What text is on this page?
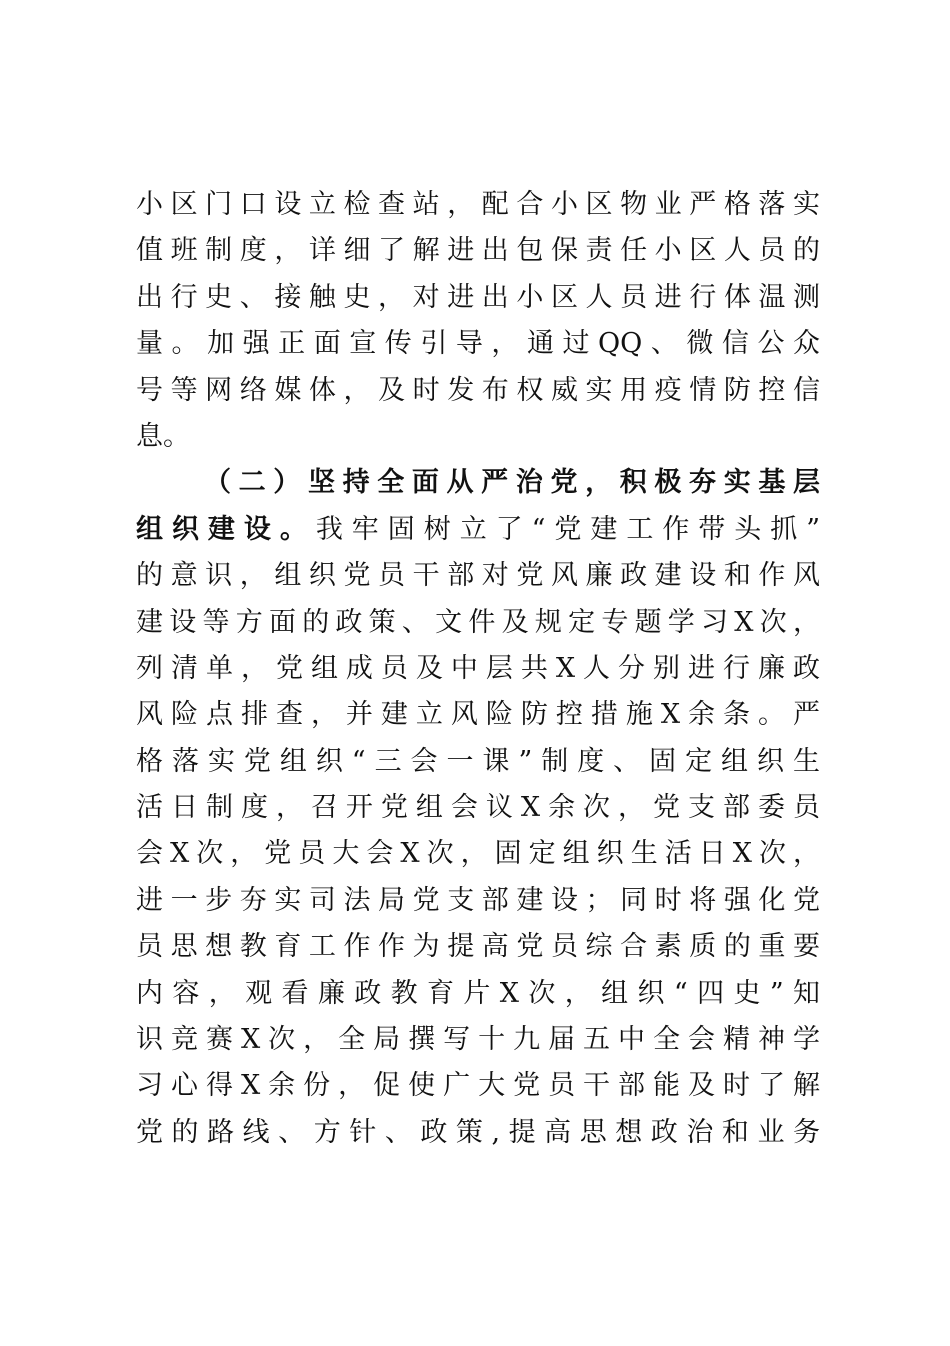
小区门口设立检查站，配合小区物业严格落实
值班制度，详细了解进出包保责任小区人员的
出行史、接触史，对进出小区人员进行体温测
量。加强正面宣传引导，通过QQ、微信公众
号等网络媒体，及时发布权威实用疫情防控信
息。
（二）坚持全面从严治党，积极夯实基层
组织建设。我牢固树立了“党建工作带头抓”
的意识，组织党员干部对党风廉政建设和作风
建设等方面的政策、文件及规定专题学习X次，
列清单，党组成员及中层共X人分别进行廉政
风险点排查，并建立风险防控措施X余条。严
格落实党组织“三会一课”制度、固定组织生
活日制度，召开党组会议X余次，党支部委员
会X次，党员大会X次，固定组织生活日X次，
进一步夯实司法局党支部建设；同时将强化党
员思想教育工作作为提高党员综合素质的重要
内容，观看廉政教育片X次，组织“四史”知
识竞赛X次，全局撰写十九届五中全会精神学
习心得X余份，促使广大党员干部能及时了解
党的路线、方针、政策,提高思想政治和业务
